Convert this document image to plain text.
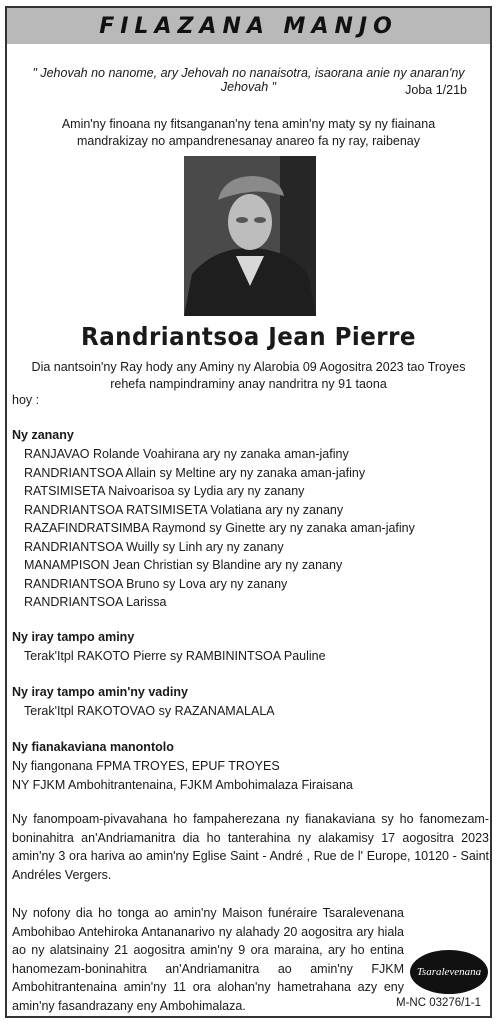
FILAZANA MANJO
" Jehovah no nanome, ary Jehovah no nanaisotra, isaorana anie ny anaran'ny Jehovah "	Joba 1/21b
Amin'ny finoana ny fitsanganan'ny tena amin'ny maty sy ny fiainana mandrakizay no ampandrenesanay anareo fa ny ray, raibenay
Randriantsoa Jean Pierre
Dia nantsoin'ny Ray hody any Aminy ny Alarobia 09 Aogositra 2023 tao Troyes
rehefa nampindraminy anay nandritra ny 91 taona
hoy :
Ny zanany
RANJAVAO Rolande Voahirana ary ny zanaka aman-jafiny
RANDRIANTSOA Allain sy Meltine ary ny zanaka aman-jafiny
RATSIMISETA Naivoarisoa sy Lydia ary ny zanany
RANDRIANTSOA RATSIMISETA Volatiana ary ny zanany
RAZAFINDRATSIMBA Raymond sy Ginette ary ny zanaka aman-jafiny
RANDRIANTSOA Wuilly sy Linh ary ny zanany
MANAMPISON Jean Christian sy Blandine ary ny zanany
RANDRIANTSOA Bruno sy Lova ary ny zanany
RANDRIANTSOA Larissa
Ny iray tampo aminy
Terak'Itpl RAKOTO Pierre sy RAMBININTSOA Pauline
Ny iray tampo amin'ny vadiny
Terak'Itpl RAKOTOVAO sy RAZANAMALALA
Ny fianakaviana manontolo
Ny fiangonana FPMA TROYES, EPUF TROYES
NY FJKM Ambohitrantenaina, FJKM Ambohimalaza Firaisana
Ny fanompoam-pivavahana ho fampaherezana ny fianakaviana sy ho fanomezam-boninahitra an'Andriamanitra dia ho tanterahina ny alakamisy 17 aogositra 2023 amin'ny 3 ora hariva ao amin'ny Eglise Saint - André , Rue de l' Europe, 10120 - Saint Andréles Vergers.
Ny nofony dia ho tonga ao amin'ny Maison funéraire Tsaralevenana Ambohibao Antehiroka Antananarivo ny alahady 20 aogositra ary hiala ao ny alatsinainy 21 aogositra amin'ny 9 ora maraina, ary ho entina hanomezam-boninahitra an'Andriamanitra ao amin'ny FJKM Ambohitrantenaina amin'ny 11 ora alohan'ny hametrahana azy eny amin'ny fasandrazany eny Ambohimalaza.
Tsaralevenana
M-NC 03276/1-1
